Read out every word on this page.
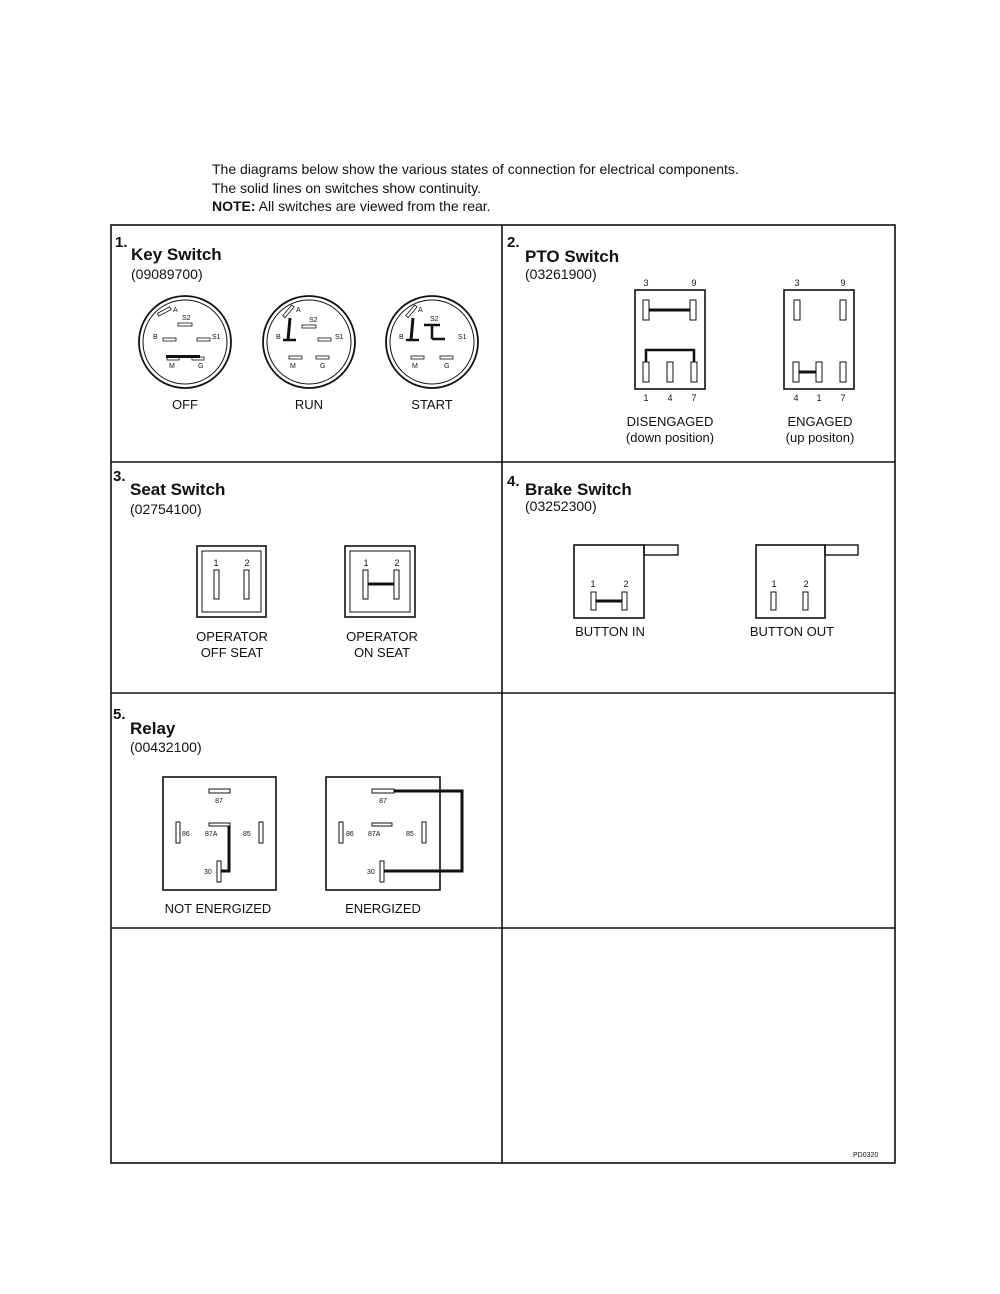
The diagrams below show the various states of connection for electrical components.
The solid lines on switches show continuity.
NOTE: All switches are viewed from the rear.
1.
Key Switch
(09089700)
A
S2
B	S1
M	G
A
S2
B	S1
M	G
A
S2
B	S1
M	G
OFF	RUN	START
2.
PTO Switch
(03261900)
3	9
1 4 7
3	9
4 1 7
DISENGAGED
(down position)
ENGAGED
(up positon)
3.
Seat Switch
(02754100)
1	2	1	2
OPERATOR
OFF SEAT
OPERATOR
ON SEAT
4. Brake Switch
(03252300)
1	2	1	2
BUTTON IN	BUTTON OUT
5.
Relay
(00432100)
87
86 87A	85
30
87
86 87A	85
30
NOT ENERGIZED	ENERGIZED
PD0320
